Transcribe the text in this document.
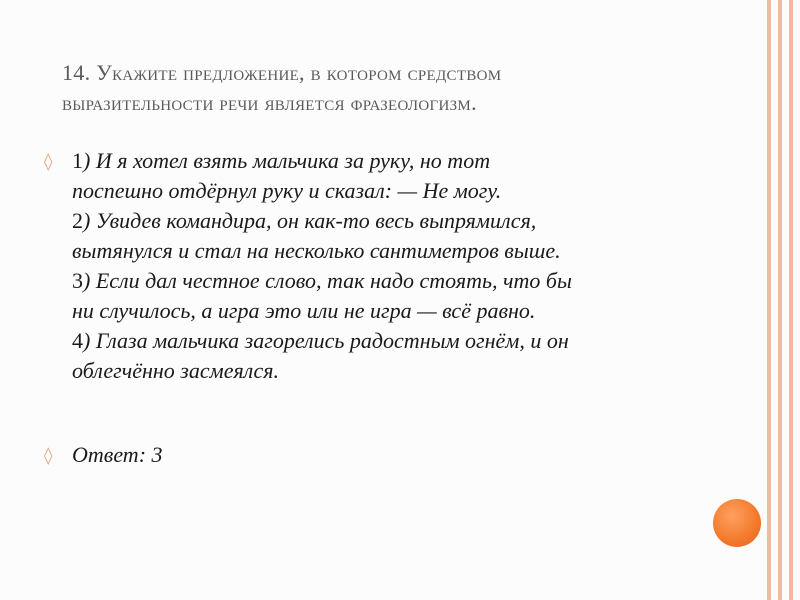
14. Укажите предложение, в котором средством
выразительности речи является фразеологизм.
◊ 1) И я хотел взять мальчика за руку, но тот
поспешно отдёрнул руку и сказал: — Не могу.
2) Увидев командира, он как-то весь выпрямился,
вытянулся и стал на несколько сантиметров выше.
3) Если дал честное слово, так надо стоять, что бы
ни случилось, а игра это или не игра — всё равно.
4) Глаза мальчика загорелись радостным огнём, и он
облегчённо засмеялся.
◊ Ответ: 3
